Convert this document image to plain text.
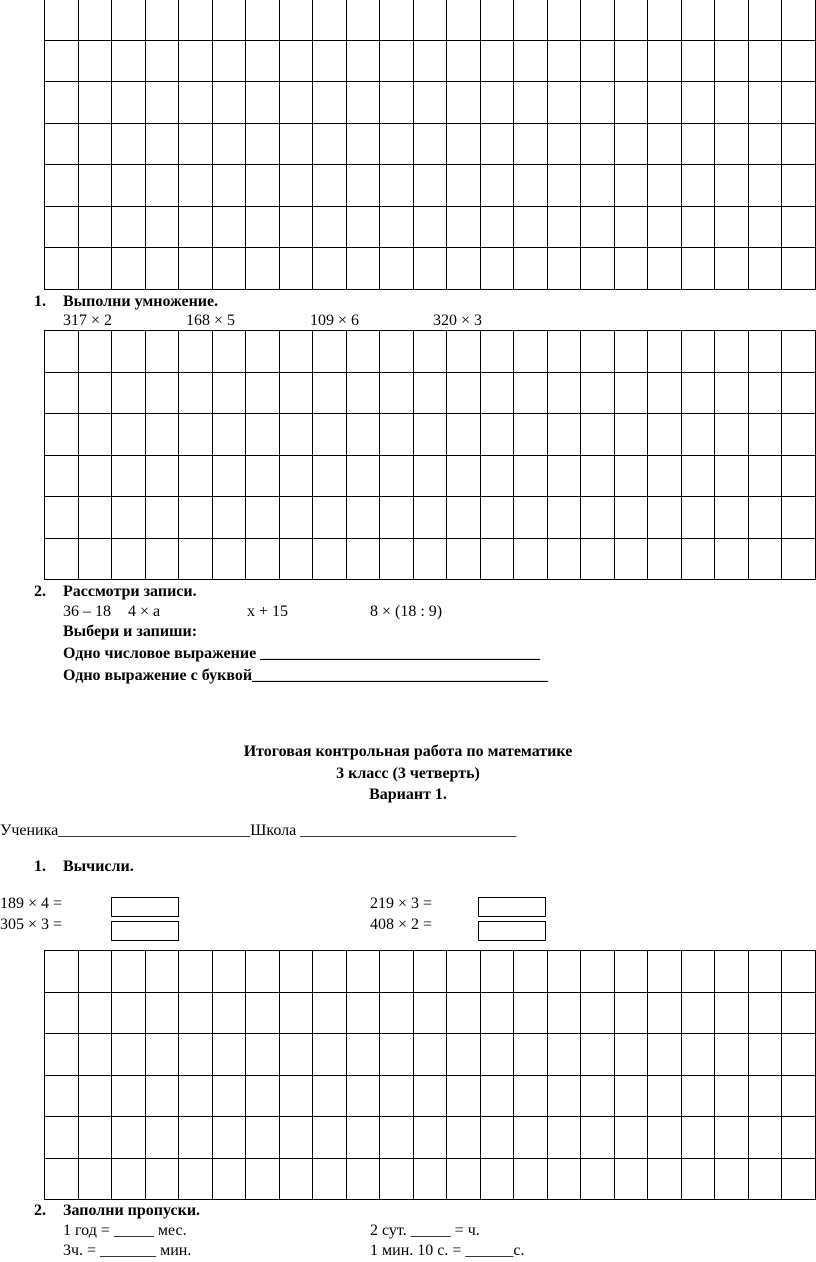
1. Выполни умножение.
317 × 2	168 × 5	109 × 6	320 × 3
2. Рассмотри записи.
36 – 18 4 × а	х + 15	8 × (18 : 9)
Выбери и запиши:
Одно числовое выражение ___________________________________
Одно выражение с буквой_____________________________________
Итоговая контрольная работа по математике
3 класс (3 четверть)
Вариант 1.
Ученика________________________Школа ___________________________
1. Вычисли.
189 × 4 =	219 × 3 =
305 × 3 =	408 × 2 =
2. Заполни пропуски.
1 год = _____ мес.	2 сут. _____ = ч.
3ч. = _______ мин.	1 мин. 10 с. = ______с.
